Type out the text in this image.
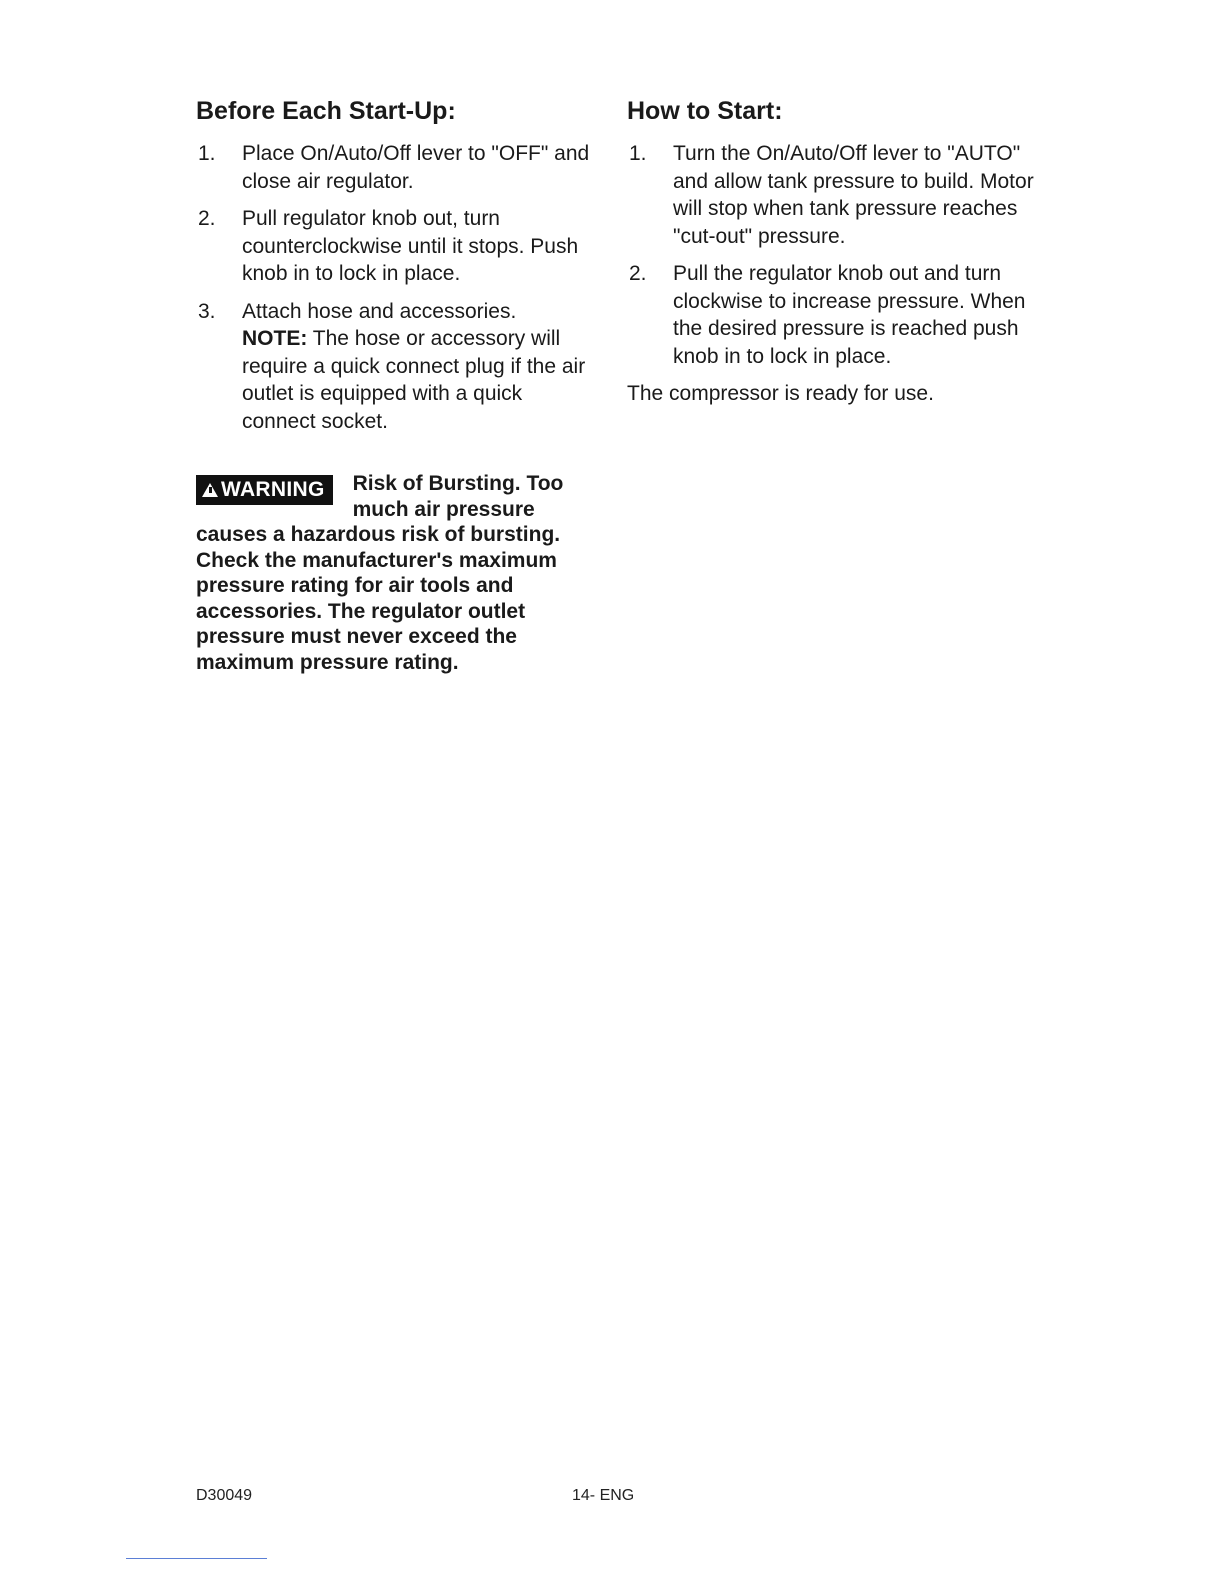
Before Each Start-Up:
1. Place On/Auto/Off lever to "OFF" and close air regulator.
2. Pull regulator knob out, turn counterclockwise until it stops. Push knob in to lock in place.
3. Attach hose and accessories.
NOTE: The hose or accessory will require a quick connect plug if the air outlet is equipped with a quick connect socket.
WARNING	Risk of Bursting. Too much air pressure causes a hazardous risk of bursting. Check the manufacturer's maximum pressure rating for air tools and accessories. The regulator outlet pressure must never exceed the maximum pressure rating.

How to Start:
1. Turn the On/Auto/Off lever to "AUTO" and allow tank pressure to build. Motor will stop when tank pressure reaches "cut-out" pressure.
2. Pull the regulator knob out and turn clockwise to increase pressure. When the desired pressure is reached push knob in to lock in place.

The compressor is ready for use.

D30049	14- ENG
